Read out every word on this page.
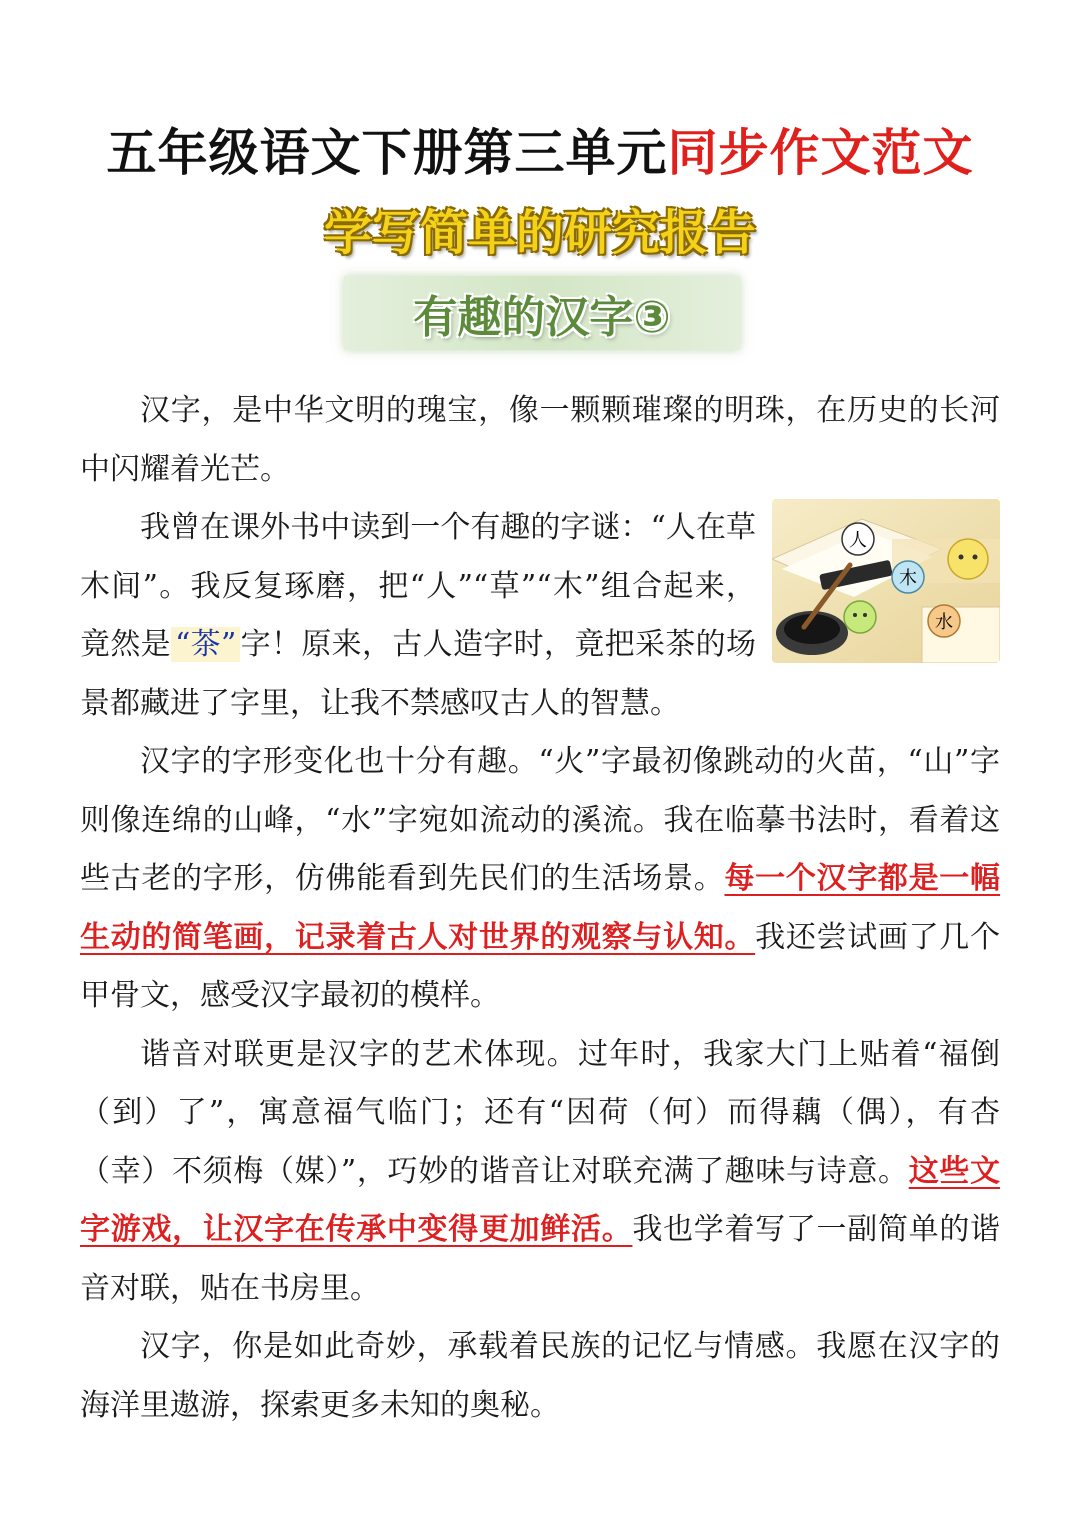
五年级语文下册第三单元同步作文范文
学写简单的研究报告
有趣的汉字③

汉字，是中华文明的瑰宝，像一颗颗璀璨的明珠，在历史的长河中闪耀着光芒。

人
木
水
我曾在课外书中读到一个有趣的字谜：“人在草木间”。我反复琢磨，把“人”“草”“木”组合起来，竟然是 “茶” 字！原来，古人造字时，竟把采茶的场景都藏进了字里，让我不禁感叹古人的智慧。

汉字的字形变化也十分有趣。“火”字最初像跳动的火苗，“山”字则像连绵的山峰，“水”字宛如流动的溪流。我在临摹书法时，看着这些古老的字形，仿佛能看到先民们的生活场景。每一个汉字都是一幅生动的简笔画，记录着古人对世界的观察与认知。我还尝试画了几个甲骨文，感受汉字最初的模样。

谐音对联更是汉字的艺术体现。过年时，我家大门上贴着“福倒（到）了”，寓意福气临门；还有“因荷（何）而得藕（偶），有杏（幸）不须梅（媒）”，巧妙的谐音让对联充满了趣味与诗意。这些文字游戏，让汉字在传承中变得更加鲜活。我也学着写了一副简单的谐音对联，贴在书房里。

汉字，你是如此奇妙，承载着民族的记忆与情感。我愿在汉字的海洋里遨游，探索更多未知的奥秘。
